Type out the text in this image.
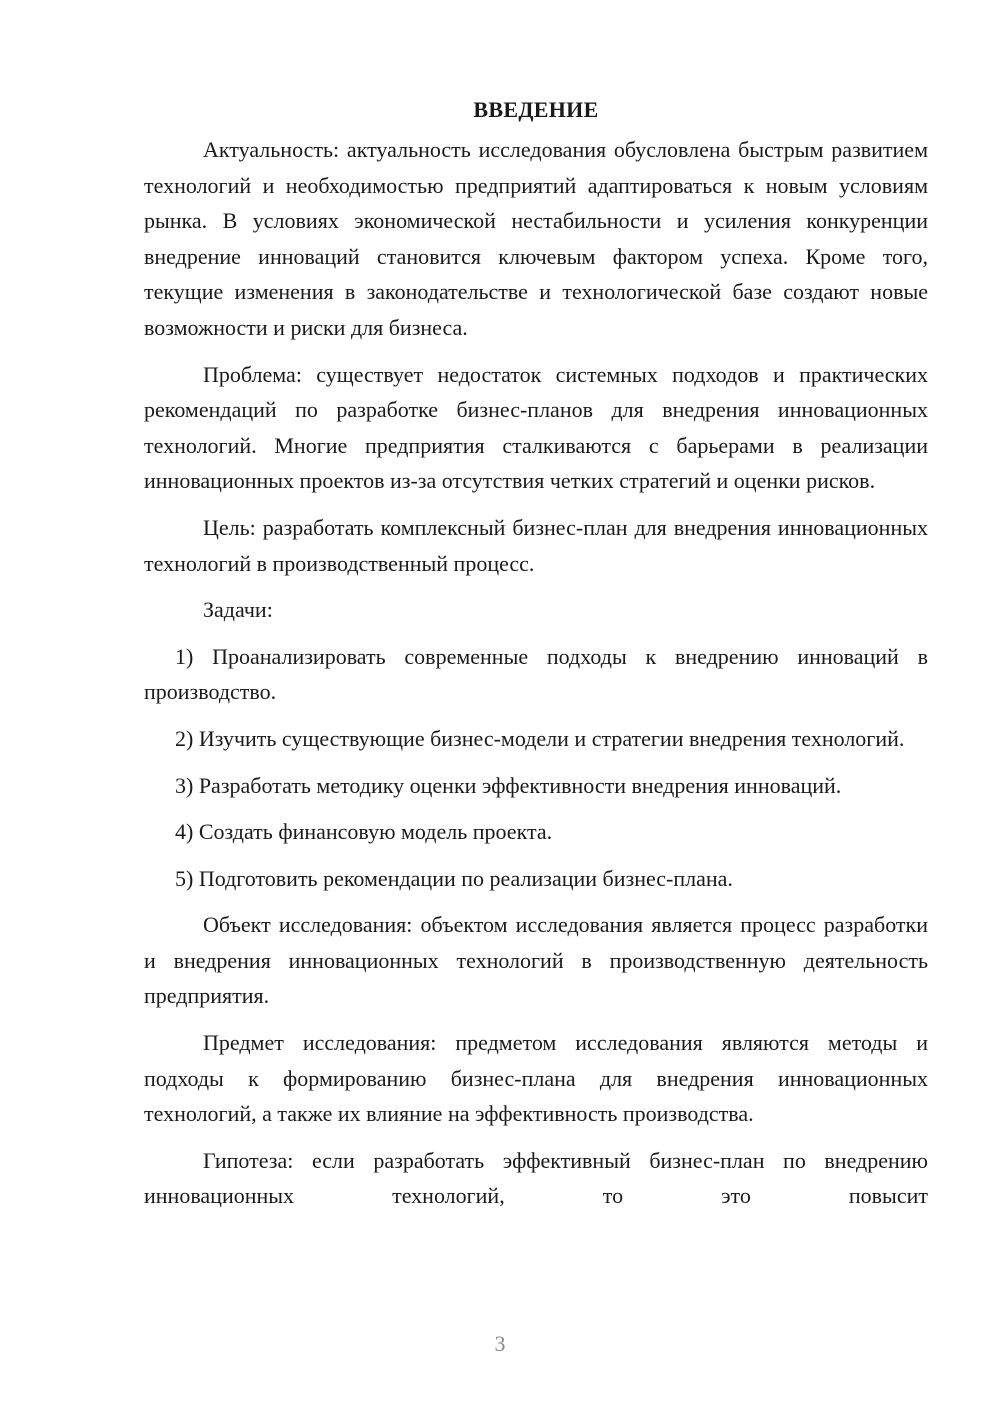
ВВЕДЕНИЕ

Актуальность: актуальность исследования обусловлена быстрым развитием технологий и необходимостью предприятий адаптироваться к новым условиям рынка. В условиях экономической нестабильности и усиления конкуренции внедрение инноваций становится ключевым фактором успеха. Кроме того, текущие изменения в законодательстве и технологической базе создают новые возможности и риски для бизнеса.

Проблема: существует недостаток системных подходов и практических рекомендаций по разработке бизнес-планов для внедрения инновационных технологий. Многие предприятия сталкиваются с барьерами в реализации инновационных проектов из-за отсутствия четких стратегий и оценки рисков.

Цель: разработать комплексный бизнес-план для внедрения инновационных технологий в производственный процесс.

Задачи:

1) Проанализировать современные подходы к внедрению инноваций в производство.

2) Изучить существующие бизнес-модели и стратегии внедрения технологий.

3) Разработать методику оценки эффективности внедрения инноваций.

4) Создать финансовую модель проекта.

5) Подготовить рекомендации по реализации бизнес-плана.

Объект исследования: объектом исследования является процесс разработки и внедрения инновационных технологий в производственную деятельность предприятия.

Предмет исследования: предметом исследования являются методы и подходы к формированию бизнес-плана для внедрения инновационных технологий, а также их влияние на эффективность производства.

Гипотеза: если разработать эффективный бизнес-план по внедрению инновационных технологий, то это повысит

3
